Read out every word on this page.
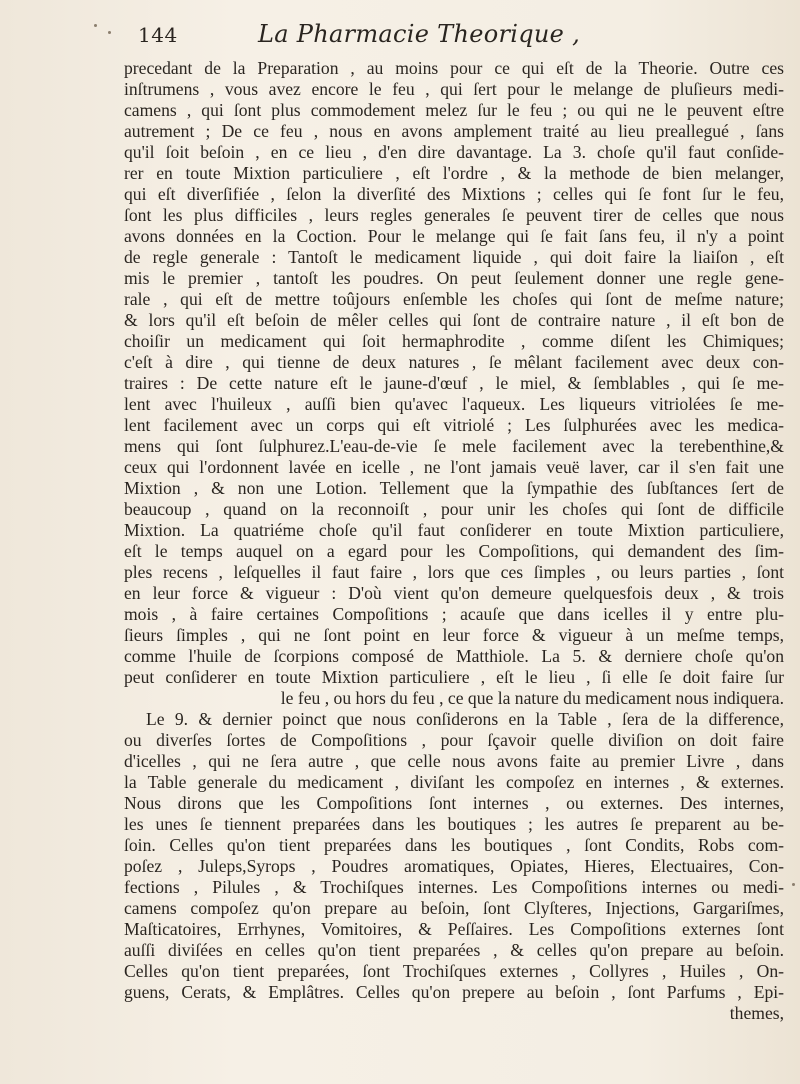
144	La Pharmacie Theorique ,
precedant de la Preparation , au moins pour ce qui eſt de la Theorie. Outre ces
inſtrumens , vous avez encore le feu , qui ſert pour le melange de pluſieurs medi-
camens , qui ſont plus commodement melez ſur le feu ; ou qui ne le peuvent eſtre
autrement ; De ce feu , nous en avons amplement traité au lieu preallegué , ſans
qu'il ſoit beſoin , en ce lieu , d'en dire davantage. La 3. choſe qu'il faut conſide-
rer en toute Mixtion particuliere , eſt l'ordre , & la methode de bien melanger,
qui eſt diverſifiée , ſelon la diverſité des Mixtions ; celles qui ſe font ſur le feu,
ſont les plus difficiles , leurs regles generales ſe peuvent tirer de celles que nous
avons données en la Coction. Pour le melange qui ſe fait ſans feu, il n'y a point
de regle generale : Tantoſt le medicament liquide , qui doit faire la liaiſon , eſt
mis le premier , tantoſt les poudres. On peut ſeulement donner une regle gene-
rale , qui eſt de mettre toûjours enſemble les choſes qui ſont de meſme nature;
& lors qu'il eſt beſoin de mêler celles qui ſont de contraire nature , il eſt bon de
choiſir un medicament qui ſoit hermaphrodite , comme diſent les Chimiques;
c'eſt à dire , qui tienne de deux natures , ſe mêlant facilement avec deux con-
traires : De cette nature eſt le jaune-d'œuf , le miel, & ſemblables , qui ſe me-
lent avec l'huileux , auſſi bien qu'avec l'aqueux. Les liqueurs vitriolées ſe me-
lent facilement avec un corps qui eſt vitriolé ; Les ſulphurées avec les medica-
mens qui ſont ſulphurez.L'eau-de-vie ſe mele facilement avec la terebenthine,&
ceux qui l'ordonnent lavée en icelle , ne l'ont jamais veuë laver, car il s'en fait une
Mixtion , & non une Lotion. Tellement que la ſympathie des ſubſtances ſert de
beaucoup , quand on la reconnoiſt , pour unir les choſes qui ſont de difficile
Mixtion. La quatriéme choſe qu'il faut conſiderer en toute Mixtion particuliere,
eſt le temps auquel on a egard pour les Compoſitions, qui demandent des ſim-
ples recens , leſquelles il faut faire , lors que ces ſimples , ou leurs parties , ſont
en leur force & vigueur : D'où vient qu'on demeure quelquesfois deux , & trois
mois , à faire certaines Compoſitions ; acauſe que dans icelles il y entre plu-
ſieurs ſimples , qui ne ſont point en leur force & vigueur à un meſme temps,
comme l'huile de ſcorpions composé de Matthiole. La 5. & derniere choſe qu'on
peut conſiderer en toute Mixtion particuliere , eſt le lieu , ſi elle ſe doit faire ſur
le feu , ou hors du feu , ce que la nature du medicament nous indiquera.
Le 9. & dernier poinct que nous conſiderons en la Table , ſera de la difference,
ou diverſes ſortes de Compoſitions , pour ſçavoir quelle diviſion on doit faire
d'icelles , qui ne ſera autre , que celle nous avons faite au premier Livre , dans
la Table generale du medicament , diviſant les compoſez en internes , & externes.
Nous dirons que les Compoſitions ſont internes , ou externes. Des internes,
les unes ſe tiennent preparées dans les boutiques ; les autres ſe preparent au be-
ſoin. Celles qu'on tient preparées dans les boutiques , ſont Condits, Robs com-
poſez , Juleps,Syrops , Poudres aromatiques, Opiates, Hieres, Electuaires, Con-
fections , Pilules , & Trochiſques internes. Les Compoſitions internes ou medi-
camens compoſez qu'on prepare au beſoin, ſont Clyſteres, Injections, Gargariſmes,
Maſticatoires, Errhynes, Vomitoires, & Peſſaires. Les Compoſitions externes ſont
auſſi diviſées en celles qu'on tient preparées , & celles qu'on prepare au beſoin.
Celles qu'on tient preparées, ſont Trochiſques externes , Collyres , Huiles , On-
guens, Cerats, & Emplâtres. Celles qu'on prepere au beſoin , ſont Parfums , Epi-
themes,
